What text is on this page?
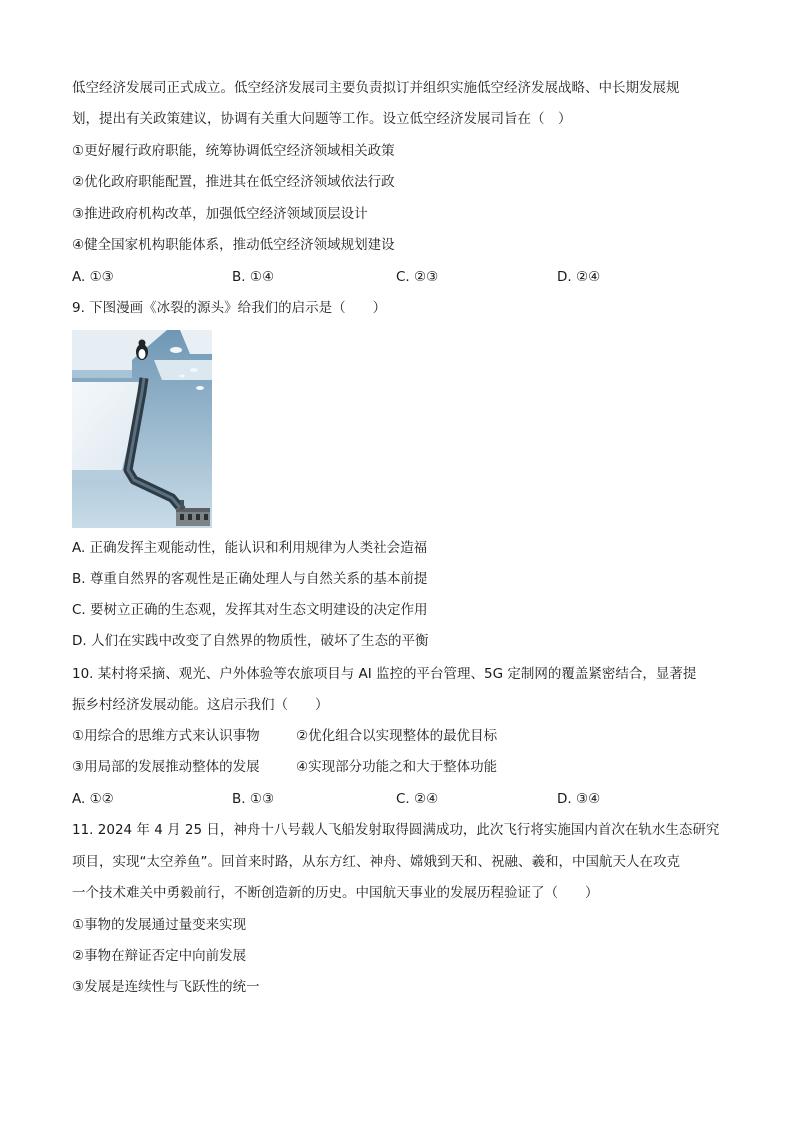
低空经济发展司正式成立。低空经济发展司主要负责拟订并组织实施低空经济发展战略、中长期发展规
划，提出有关政策建议，协调有关重大问题等工作。设立低空经济发展司旨在（　）
①更好履行政府职能，统筹协调低空经济领域相关政策
②优化政府职能配置，推进其在低空经济领域依法行政
③推进政府机构改革，加强低空经济领域顶层设计
④健全国家机构职能体系，推动低空经济领域规划建设
A. ①③	B. ①④	C. ②③	D. ②④
9. 下图漫画《冰裂的源头》给我们的启示是（　　）
A. 正确发挥主观能动性，能认识和利用规律为人类社会造福
B. 尊重自然界的客观性是正确处理人与自然关系的基本前提
C. 要树立正确的生态观，发挥其对生态文明建设的决定作用
D. 人们在实践中改变了自然界的物质性，破坏了生态的平衡
10. 某村将采摘、观光、户外体验等农旅项目与 AI 监控的平台管理、5G 定制网的覆盖紧密结合，显著提
振乡村经济发展动能。这启示我们（　　）
①用综合的思维方式来认识事物	②优化组合以实现整体的最优目标
③用局部的发展推动整体的发展	④实现部分功能之和大于整体功能
A. ①②	B. ①③	C. ②④	D. ③④
11. 2024 年 4 月 25 日，神舟十八号载人飞船发射取得圆满成功，此次飞行将实施国内首次在轨水生态研究
项目，实现“太空养鱼”。回首来时路，从东方红、神舟、嫦娥到天和、祝融、羲和，中国航天人在攻克
一个技术难关中勇毅前行，不断创造新的历史。中国航天事业的发展历程验证了（　　）
①事物的发展通过量变来实现
②事物在辩证否定中向前发展
③发展是连续性与飞跃性的统一
